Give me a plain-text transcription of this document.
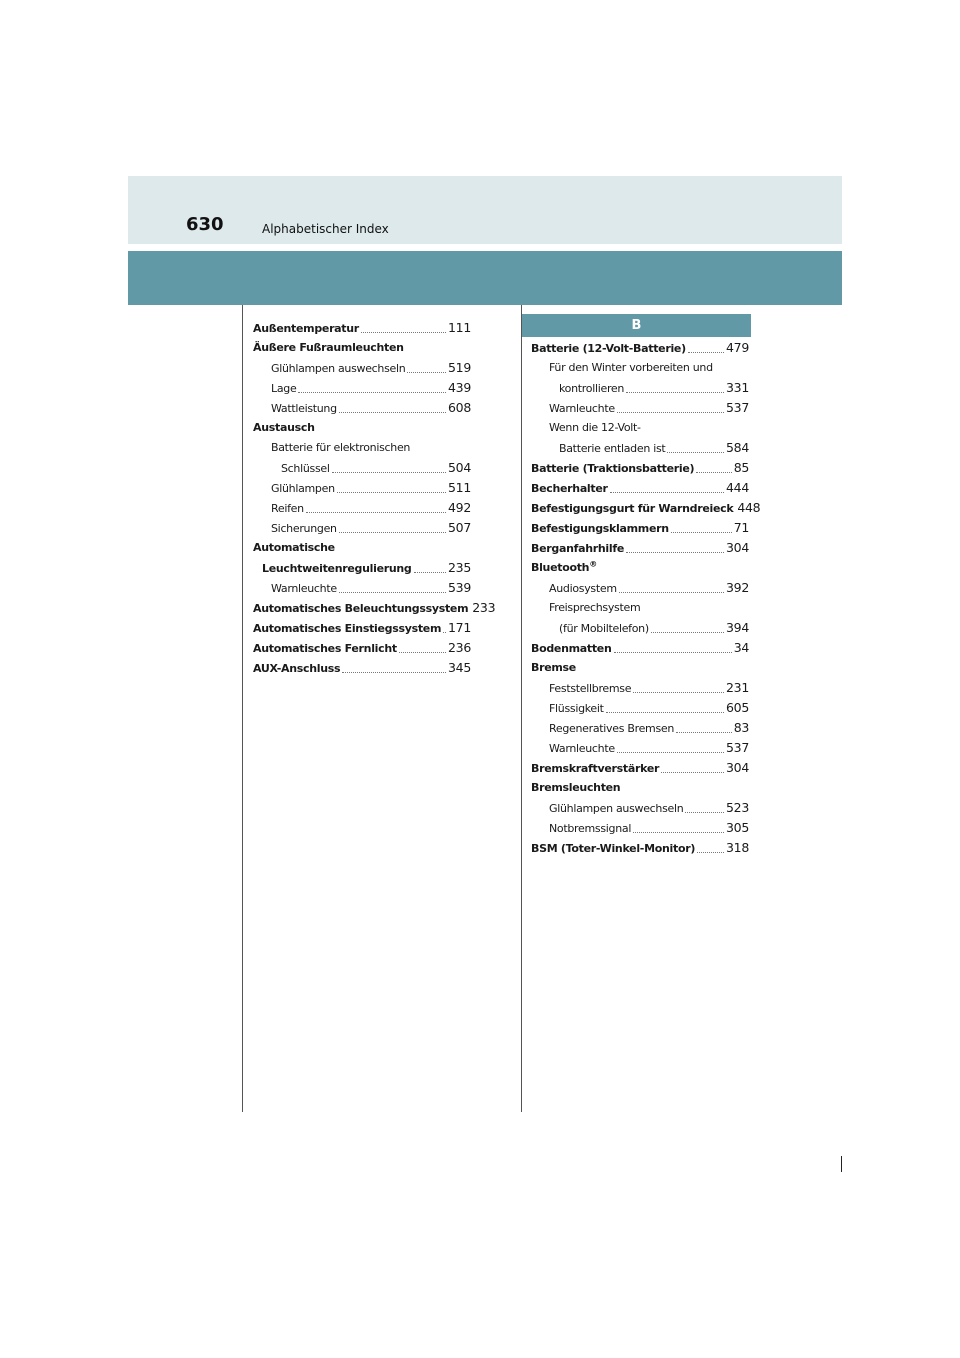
630	Alphabetischer Index
B
Außentemperatur	111
Äußere Fußraumleuchten
Glühlampen auswechseln	519
Lage	439
Wattleistung	608
Austausch
Batterie für elektronischen
Schlüssel	504
Glühlampen	511
Reifen	492
Sicherungen	507
Automatische
Leuchtweitenregulierung	235
Warnleuchte	539
Automatisches Beleuchtungssystem 233
Automatisches Einstiegssystem 171
Automatisches Fernlicht	236
AUX-Anschluss	345
Batterie (12-Volt-Batterie)	479
Für den Winter vorbereiten und
kontrollieren	331
Warnleuchte	537
Wenn die 12-Volt-
Batterie entladen ist	584
Batterie (Traktionsbatterie)	85
Becherhalter	444
Befestigungsgurt für Warndreieck 448
Befestigungsklammern	71
Berganfahrhilfe	304
Bluetooth®
Audiosystem	392
Freisprechsystem
(für Mobiltelefon)	394
Bodenmatten	34
Bremse
Feststellbremse	231
Flüssigkeit	605
Regeneratives Bremsen	83
Warnleuchte	537
Bremskraftverstärker	304
Bremsleuchten
Glühlampen auswechseln	523
Notbremssignal	305
BSM (Toter-Winkel-Monitor) 318
